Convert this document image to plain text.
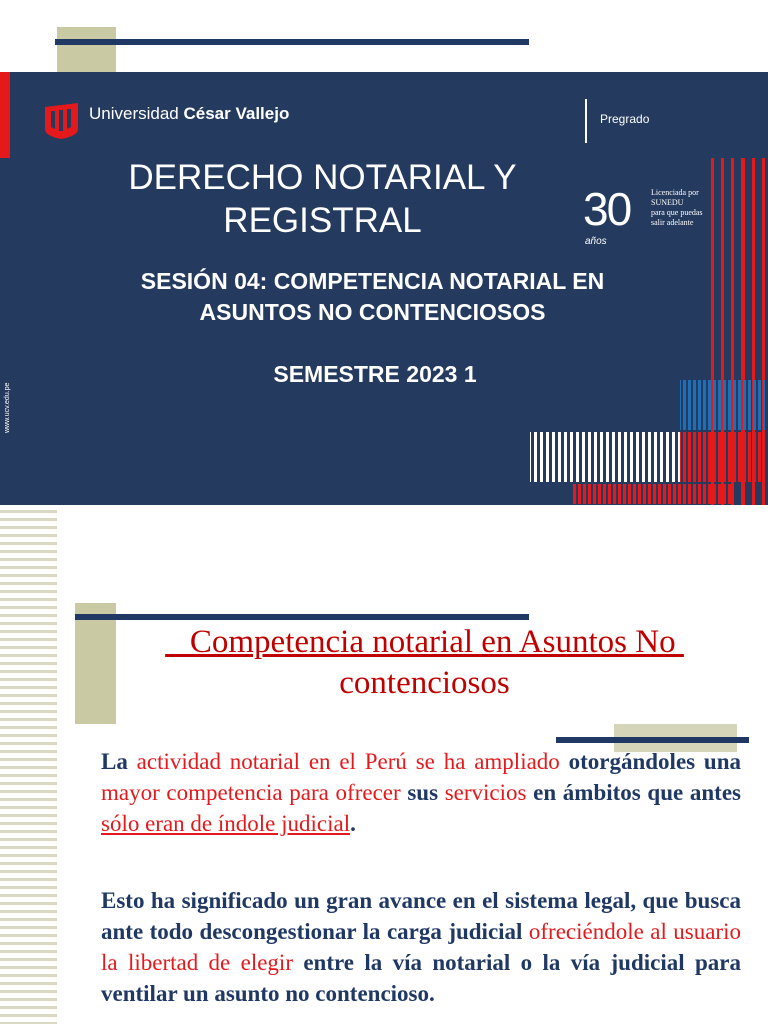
Universidad César Vallejo	Pregrado
DERECHO NOTARIAL Y
REGISTRAL
SESIÓN 04: COMPETENCIA NOTARIAL EN
ASUNTOS NO CONTENCIOSOS
SEMESTRE 2023 1
30
años
Licenciada por
SUNEDU
para que puedas
salir adelante
www.ucv.edu.pe
Competencia notarial en Asuntos No
contenciosos

La actividad notarial en el Perú se ha ampliado otorgándoles una mayor competencia para ofrecer sus servicios en ámbitos que antes sólo eran de índole judicial.

Esto ha significado un gran avance en el sistema legal, que busca ante todo descongestionar la carga judicial ofreciéndole al usuario la libertad de elegir entre la vía notarial o la vía judicial para ventilar un asunto no contencioso.
